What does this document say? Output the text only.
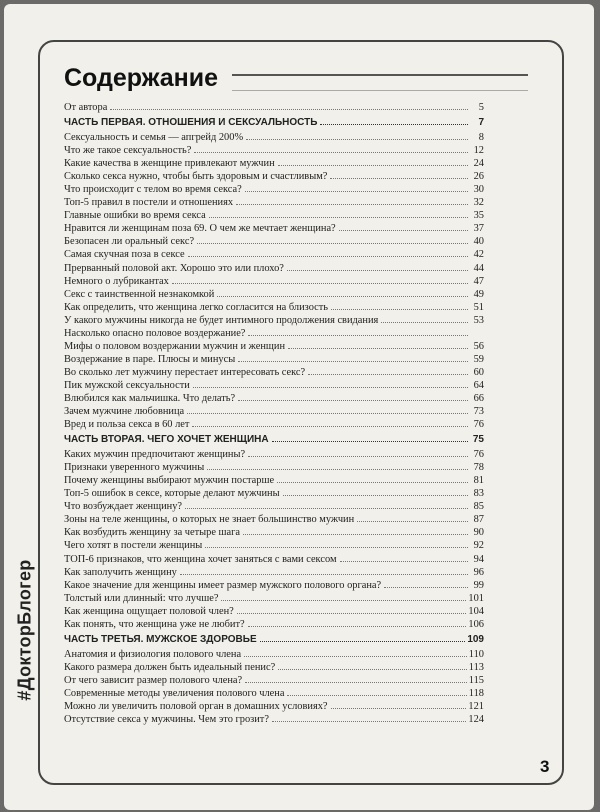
Содержание
От автора	5
ЧАСТЬ ПЕРВАЯ. ОТНОШЕНИЯ И СЕКСУАЛЬНОСТЬ	7
Сексуальность и семья — апгрейд 200%	8
Что же такое сексуальность?	12
Какие качества в женщине привлекают мужчин	24
Сколько секса нужно, чтобы быть здоровым и счастливым?	26
Что происходит с телом во время секса?	30
Топ-5 правил в постели и отношениях	32
Главные ошибки во время секса	35
Нравится ли женщинам поза 69. О чем же мечтает женщина?	37
Безопасен ли оральный секс?	40
Самая скучная поза в сексе	42
Прерванный половой акт. Хорошо это или плохо?	44
Немного о лубрикантах	47
Секс с таинственной незнакомкой	49
Как определить, что женщина легко согласится на близость	51
У какого мужчины никогда не будет интимного продолжения свидания	53
Насколько опасно половое воздержание?
Мифы о половом воздержании мужчин и женщин	56
Воздержание в паре. Плюсы и минусы	59
Во сколько лет мужчину перестает интересовать секс?	60
Пик мужской сексуальности	64
Влюбился как мальчишка. Что делать?	66
Зачем мужчине любовница	73
Вред и польза секса в 60 лет	76
ЧАСТЬ ВТОРАЯ. ЧЕГО ХОЧЕТ ЖЕНЩИНА	75
Каких мужчин предпочитают женщины?	76
Признаки уверенного мужчины	78
Почему женщины выбирают мужчин постарше	81
Топ-5 ошибок в сексе, которые делают мужчины	83
Что возбуждает женщину?	85
Зоны на теле женщины, о которых не знает большинство мужчин	87
Как возбудить женщину за четыре шага	90
Чего хотят в постели женщины	92
ТОП-6 признаков, что женщина хочет заняться с вами сексом	94
Как заполучить женщину	96
Какое значение для женщины имеет размер мужского полового органа?	99
Толстый или длинный: что лучше?	101
Как женщина ощущает половой член?	104
Как понять, что женщина уже не любит?	106
ЧАСТЬ ТРЕТЬЯ. МУЖСКОЕ ЗДОРОВЬЕ	109
Анатомия и физиология полового члена	110
Какого размера должен быть идеальный пенис?	113
От чего зависит размер полового члена?	115
Современные методы увеличения полового члена	118
Можно ли увеличить половой орган в домашних условиях?	121
Отсутствие секса у мужчины. Чем это грозит?	124
#ДокторБлогер
3
